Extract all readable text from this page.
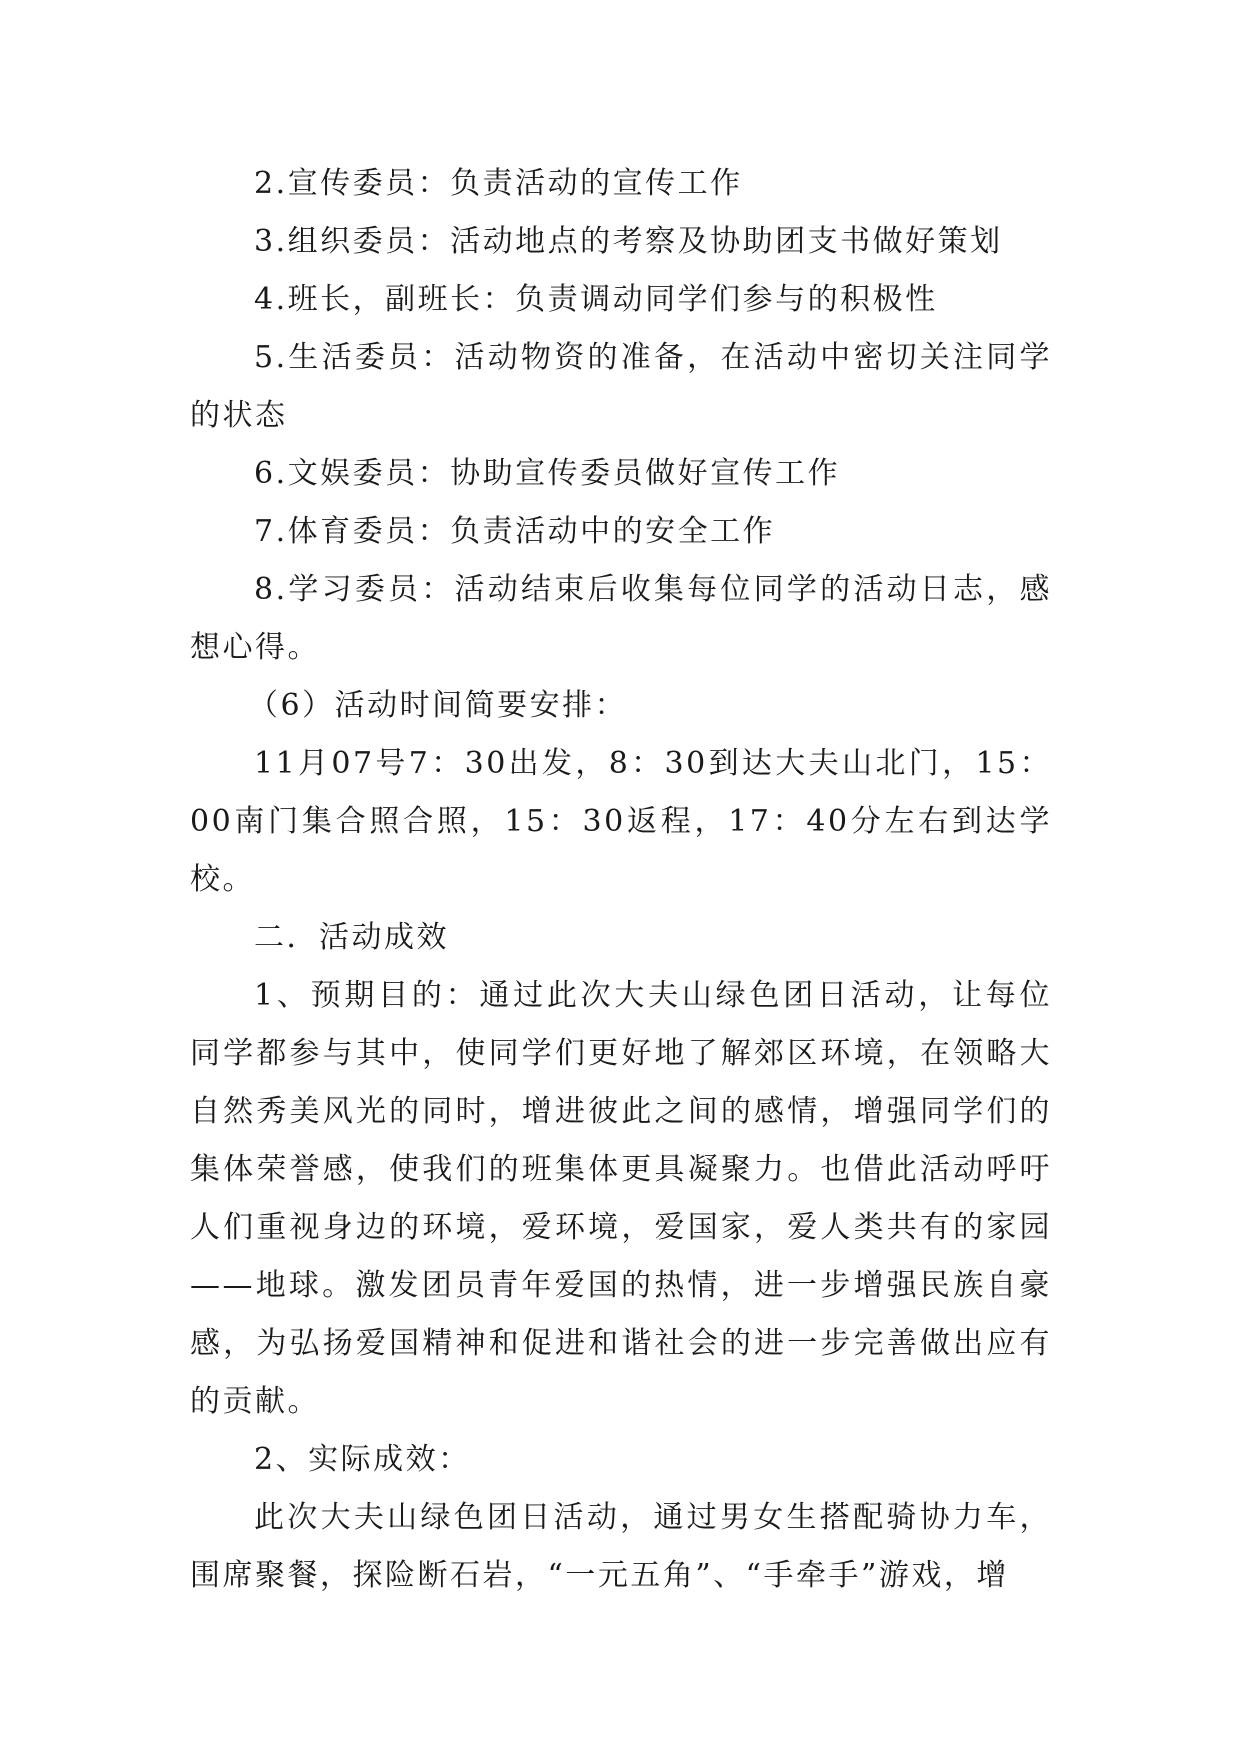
2.宣传委员：负责活动的宣传工作

3.组织委员：活动地点的考察及协助团支书做好策划

4.班长，副班长：负责调动同学们参与的积极性

5.生活委员：活动物资的准备，在活动中密切关注同学的状态

6.文娱委员：协助宣传委员做好宣传工作

7.体育委员：负责活动中的安全工作

8.学习委员：活动结束后收集每位同学的活动日志，感想心得。

（6）活动时间简要安排：

11月07号7：30出发，8：30到达大夫山北门，15：00南门集合照合照，15：30返程，17：40分左右到达学校。

二．活动成效

1、预期目的：通过此次大夫山绿色团日活动，让每位同学都参与其中，使同学们更好地了解郊区环境，在领略大自然秀美风光的同时，增进彼此之间的感情，增强同学们的集体荣誉感，使我们的班集体更具凝聚力。也借此活动呼吁人们重视身边的环境，爱环境，爱国家，爱人类共有的家园——地球。激发团员青年爱国的热情，进一步增强民族自豪感，为弘扬爱国精神和促进和谐社会的进一步完善做出应有的贡献。

2、实际成效：

此次大夫山绿色团日活动，通过男女生搭配骑协力车，围席聚餐，探险断石岩，“一元五角”、“手牵手”游戏，增
